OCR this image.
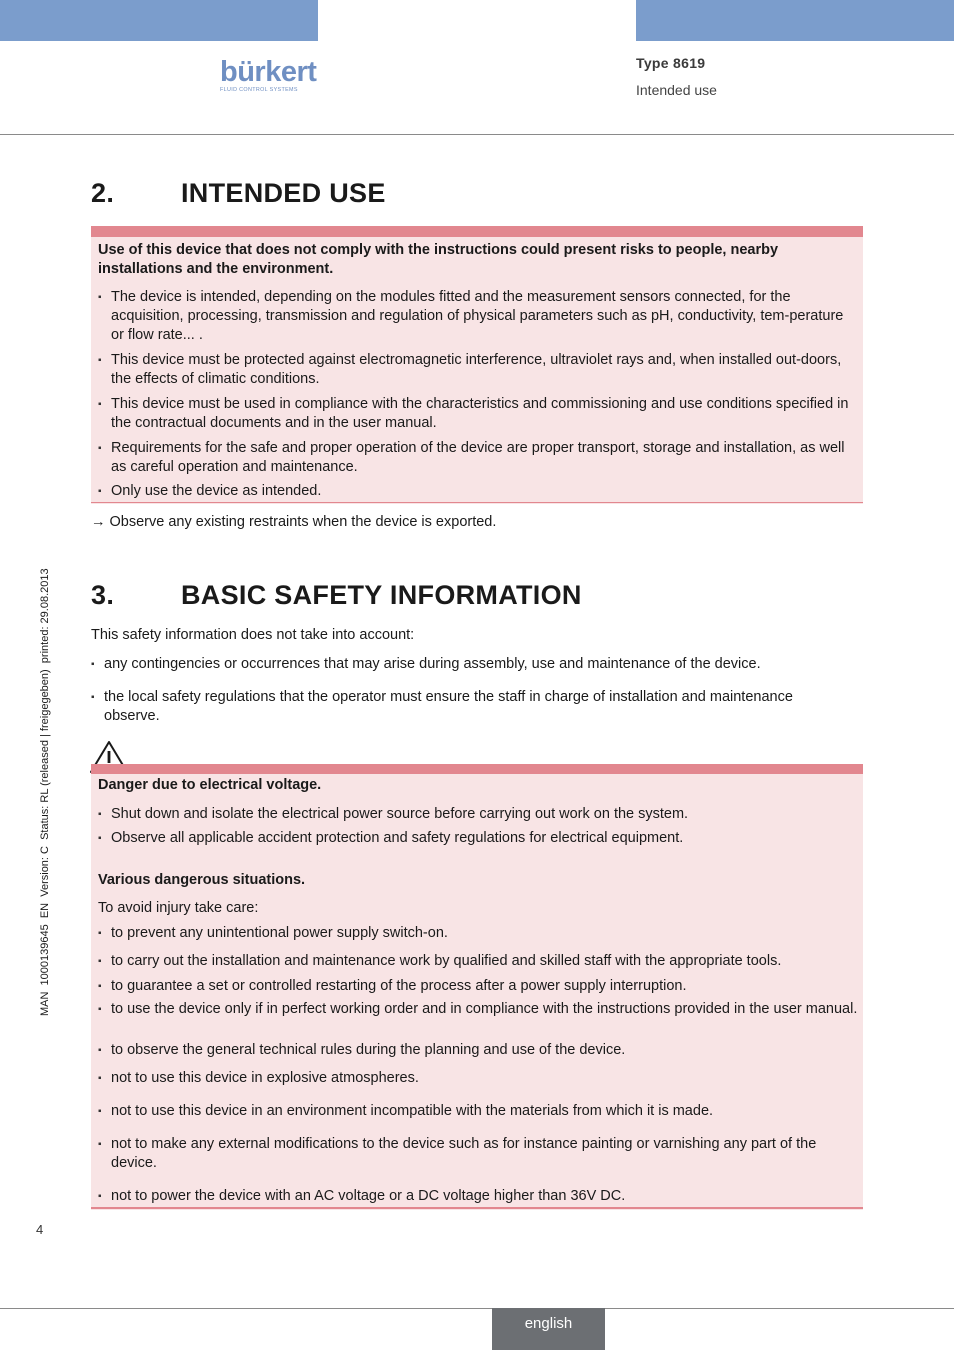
bürkert
FLUID CONTROL SYSTEMS
Type 8619
Intended use
MAN  1000139645  EN  Version: C  Status: RL (released | freigegeben)  printed: 29.08.2013
2. INTENDED USE
Use of this device that does not comply with the instructions could present risks to people, nearby installations and the environment.
▪ The device is intended, depending on the modules fitted and the measurement sensors connected, for the acquisition, processing, transmission and regulation of physical parameters such as pH, conductivity, tem-perature or flow rate... .
▪ This device must be protected against electromagnetic interference, ultraviolet rays and, when installed out-doors, the effects of climatic conditions.
▪ This device must be used in compliance with the characteristics and commissioning and use conditions specified in the contractual documents and in the user manual.
▪ Requirements for the safe and proper operation of the device are proper transport, storage and installation, as well as careful operation and maintenance.
▪ Only use the device as intended.
→ Observe any existing restraints when the device is exported.
3. BASIC SAFETY INFORMATION
This safety information does not take into account:
▪ any contingencies or occurrences that may arise during assembly, use and maintenance of the device.
▪ the local safety regulations that the operator must ensure the staff in charge of installation and maintenance observe.
Danger due to electrical voltage.
▪ Shut down and isolate the electrical power source before carrying out work on the system.
▪ Observe all applicable accident protection and safety regulations for electrical equipment.
Various dangerous situations.
To avoid injury take care:
▪ to prevent any unintentional power supply switch-on.
▪ to carry out the installation and maintenance work by qualified and skilled staff with the appropriate tools.
▪ to guarantee a set or controlled restarting of the process after a power supply interruption.
▪ to use the device only if in perfect working order and in compliance with the instructions provided in the user manual.
▪ to observe the general technical rules during the planning and use of the device.
▪ not to use this device in explosive atmospheres.
▪ not to use this device in an environment incompatible with the materials from which it is made.
▪ not to make any external modifications to the device such as for instance painting or varnishing any part of the device.
▪ not to power the device with an AC voltage or a DC voltage higher than 36V DC.
4
english
